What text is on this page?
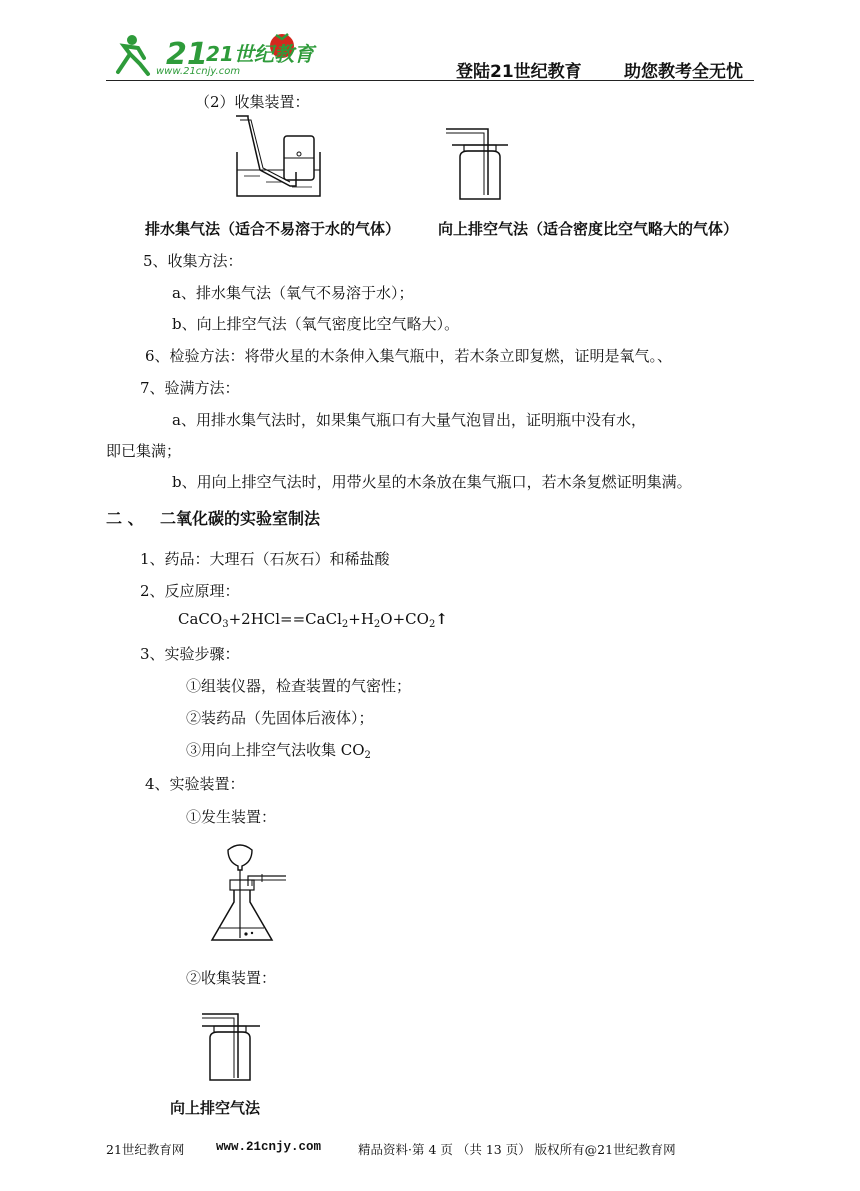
21
21世纪教育
www.21cnjy.com	登陆21世纪教育 助您教考全无忧
（2）收集装置：
排水集气法（适合不易溶于水的气体）	向上排空气法（适合密度比空气略大的气体）
5、收集方法：
a、排水集气法（氧气不易溶于水）；
b、向上排空气法（氧气密度比空气略大）。
6、检验方法：将带火星的木条伸入集气瓶中，若木条立即复燃，证明是氧气。、
7、验满方法：
a、用排水集气法时，如果集气瓶口有大量气泡冒出，证明瓶中没有水，
即已集满；
b、用向上排空气法时，用带火星的木条放在集气瓶口，若木条复燃证明集满。
二 、 二氧化碳的实验室制法
1、药品：大理石（石灰石）和稀盐酸
2、反应原理：
$CaCO_3+2HCl==CaCl_2+H_2O+CO_2↑$
3、实验步骤：
①组装仪器，检查装置的气密性；
②装药品（先固体后液体）；
③用向上排空气法收集 $CO_2$
4、实验装置：
①发生装置：
②收集装置：
向上排空气法
21世纪教育网	www.21cnjy.com	精品资料·第 4 页 （共 13 页） 版权所有@21世纪教育网
